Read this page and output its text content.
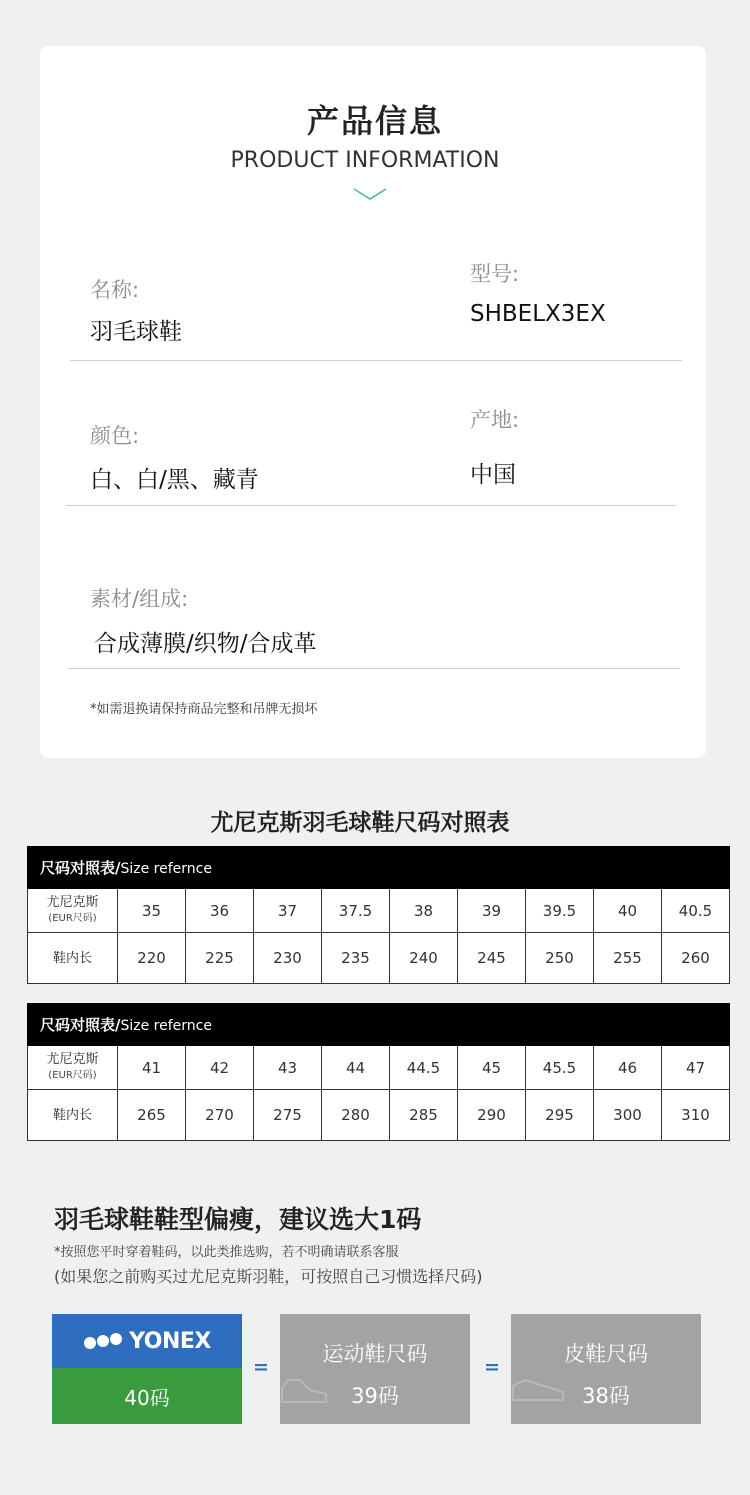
产品信息
PRODUCT INFORMATION
名称:
羽毛球鞋
型号:
SHBELX3EX
颜色:
白、白/黑、藏青
产地:
中国
素材/组成:
合成薄膜/织物/合成革
*如需退换请保持商品完整和吊牌无损坏
尤尼克斯羽毛球鞋尺码对照表
尺码对照表/Size refernce									
尤尼克斯
(EUR尺码)	35	36	37	37.5	38	39	39.5	40	40.5
鞋内长	220	225	230	235	240	245	250	255	260
尺码对照表/Size refernce									
尤尼克斯
(EUR尺码)	41	42	43	44	44.5	45	45.5	46	47
鞋内长	265	270	275	280	285	290	295	300	310
羽毛球鞋鞋型偏瘦，建议选大1码
*按照您平时穿着鞋码，以此类推选购，若不明确请联系客服
(如果您之前购买过尤尼克斯羽鞋，可按照自己习惯选择尺码)
YONEX
40码
=
运动鞋尺码
39码
=
皮鞋尺码
38码
